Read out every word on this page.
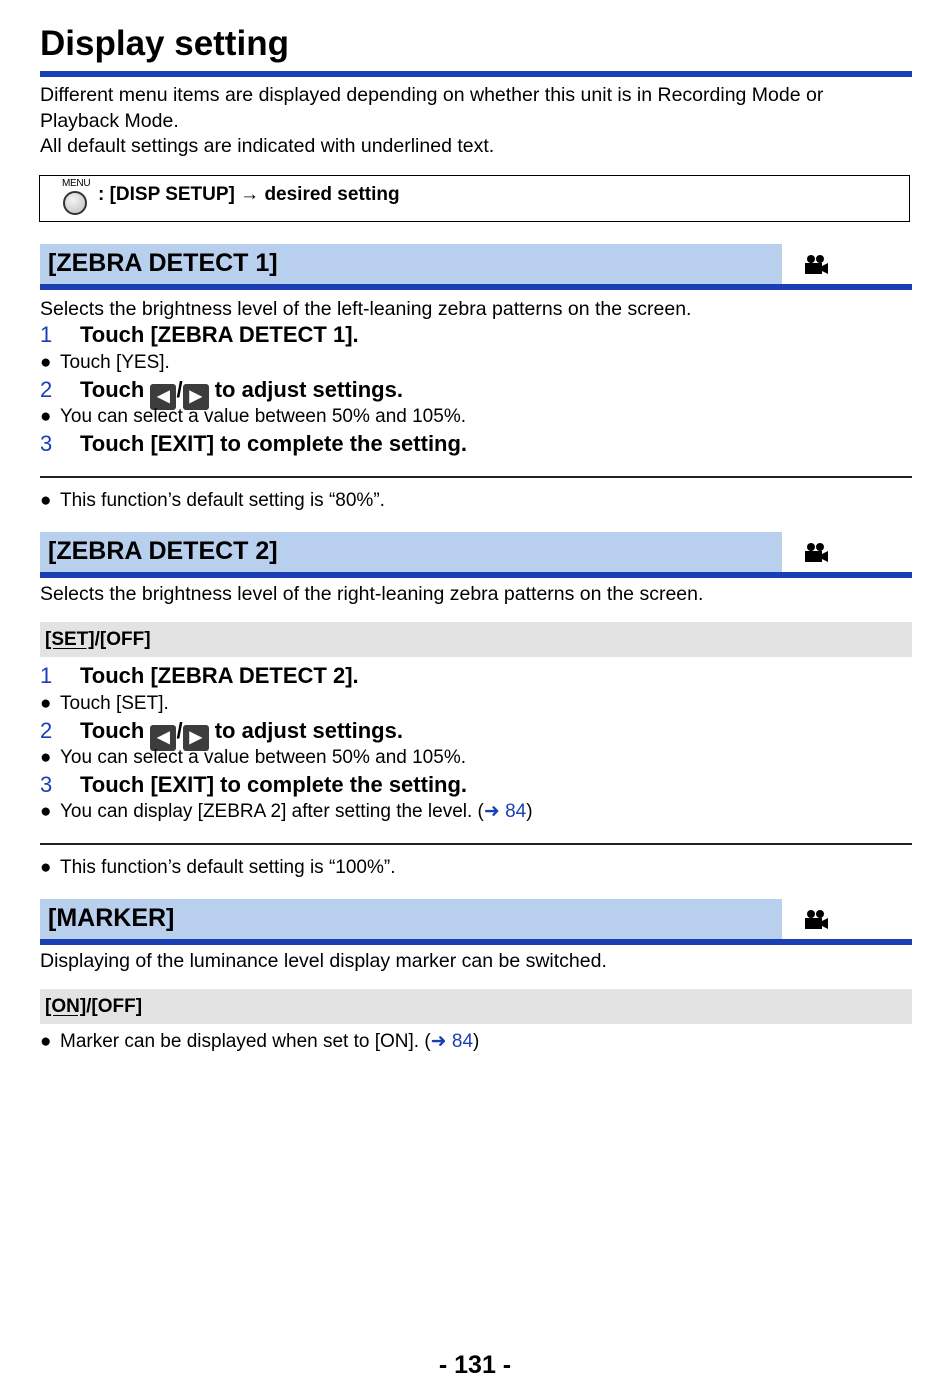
Display setting

Different menu items are displayed depending on whether this unit is in Recording Mode or Playback Mode.

All default settings are indicated with underlined text.

MENU
: [DISP SETUP] → desired setting
[ZEBRA DETECT 1]
Selects the brightness level of the left-leaning zebra patterns on the screen.
1 Touch [ZEBRA DETECT 1].
● Touch [YES].
2 Touch ◀ / ▶ to adjust settings.
● You can select a value between 50% and 105%.
3 Touch [EXIT] to complete the setting.
● This function’s default setting is “80%”.
[ZEBRA DETECT 2]
Selects the brightness level of the right-leaning zebra patterns on the screen.
[SET]/[OFF]
1 Touch [ZEBRA DETECT 2].
● Touch [SET].
2 Touch ◀ / ▶ to adjust settings.
● You can select a value between 50% and 105%.
3 Touch [EXIT] to complete the setting.
● You can display [ZEBRA 2] after setting the level. (➜ 84)
● This function’s default setting is “100%”.
[MARKER]
Displaying of the luminance level display marker can be switched.
[ON]/[OFF]
● Marker can be displayed when set to [ON]. (➜ 84)
- 131 -
